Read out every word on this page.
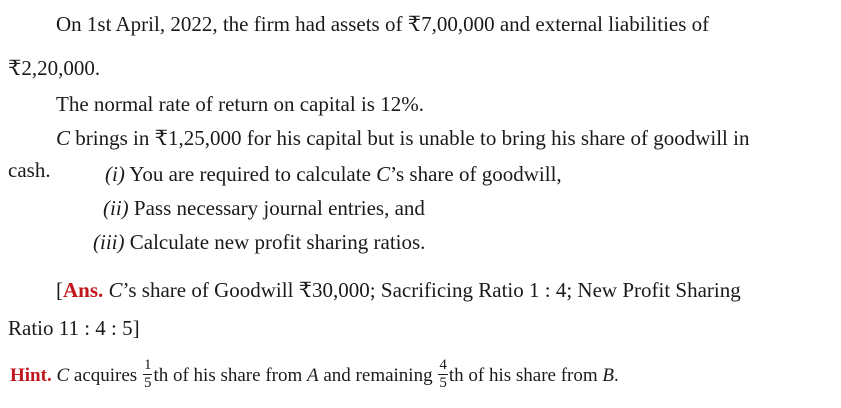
On 1st April, 2022, the firm had assets of ₹7,00,000 and external liabilities of
₹2,20,000.
The normal rate of return on capital is 12%.
C brings in ₹1,25,000 for his capital but is unable to bring his share of goodwill in
cash.	(i) You are required to calculate C’s share of goodwill,
(ii) Pass necessary journal entries, and
(iii) Calculate new profit sharing ratios.
[Ans. C’s share of Goodwill ₹30,000; Sacrificing Ratio 1 : 4; New Profit Sharing
Ratio 11 : 4 : 5]
Hint. C acquires $\frac{1}{5}$ th of his share from A and remaining $\frac{4}{5}$ th of his share from B.
